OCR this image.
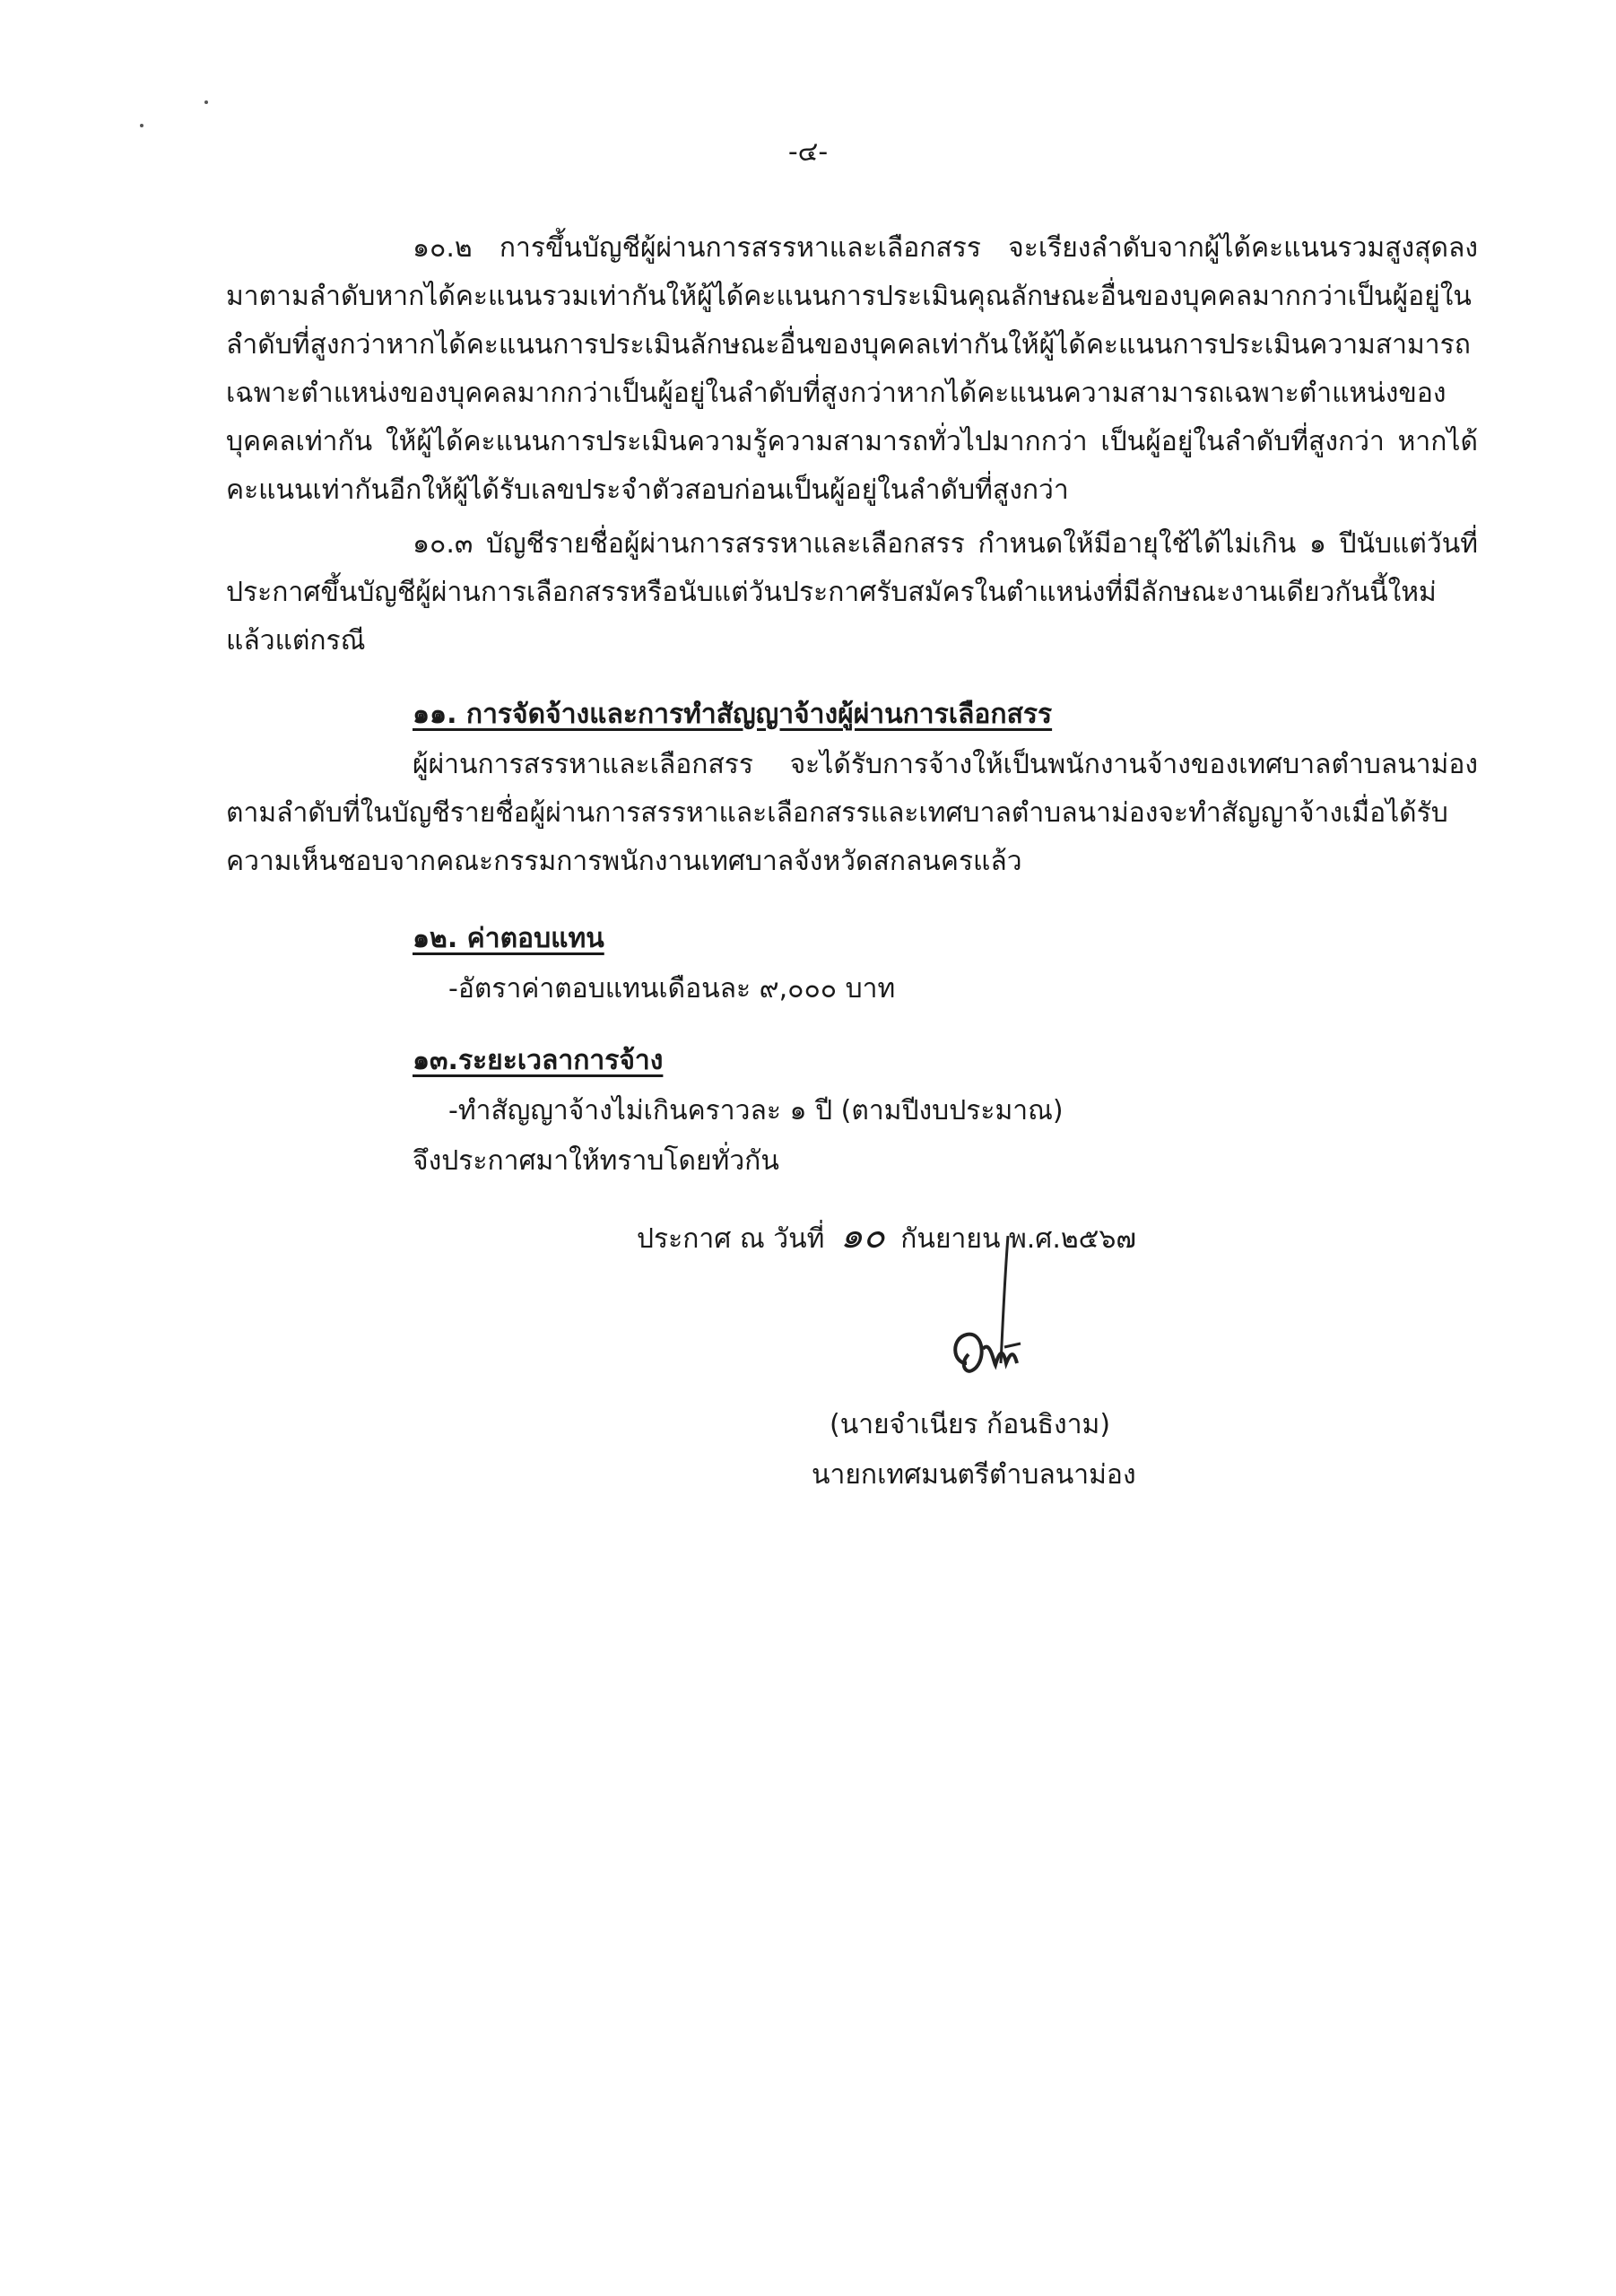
-๔-
๑๐.๒ การขึ้นบัญชีผู้ผ่านการสรรหาและเลือกสรร จะเรียงลำดับจากผู้ได้คะแนนรวมสูงสุดลง
มาตามลำดับหากได้คะแนนรวมเท่ากันให้ผู้ได้คะแนนการประเมินคุณลักษณะอื่นของบุคคลมากกว่าเป็นผู้อยู่ใน
ลำดับที่สูงกว่าหากได้คะแนนการประเมินลักษณะอื่นของบุคคลเท่ากันให้ผู้ได้คะแนนการประเมินความสามารถ
เฉพาะตำแหน่งของบุคคลมากกว่าเป็นผู้อยู่ในลำดับที่สูงกว่าหากได้คะแนนความสามารถเฉพาะตำแหน่งของ
บุคคลเท่ากัน ให้ผู้ได้คะแนนการประเมินความรู้ความสามารถทั่วไปมากกว่า เป็นผู้อยู่ในลำดับที่สูงกว่า หากได้
คะแนนเท่ากันอีกให้ผู้ได้รับเลขประจำตัวสอบก่อนเป็นผู้อยู่ในลำดับที่สูงกว่า
๑๐.๓ บัญชีรายชื่อผู้ผ่านการสรรหาและเลือกสรร กำหนดให้มีอายุใช้ได้ไม่เกิน ๑ ปีนับแต่วันที่
ประกาศขึ้นบัญชีผู้ผ่านการเลือกสรรหรือนับแต่วันประกาศรับสมัครในตำแหน่งที่มีลักษณะงานเดียวกันนี้ใหม่
แล้วแต่กรณี
๑๑. การจัดจ้างและการทำสัญญาจ้างผู้ผ่านการเลือกสรร
ผู้ผ่านการสรรหาและเลือกสรร จะได้รับการจ้างให้เป็นพนักงานจ้างของเทศบาลตำบลนาม่อง
ตามลำดับที่ในบัญชีรายชื่อผู้ผ่านการสรรหาและเลือกสรรและเทศบาลตำบลนาม่องจะทำสัญญาจ้างเมื่อได้รับ
ความเห็นชอบจากคณะกรรมการพนักงานเทศบาลจังหวัดสกลนครแล้ว
๑๒. ค่าตอบแทน
-อัตราค่าตอบแทนเดือนละ ๙,๐๐๐ บาท
๑๓.ระยะเวลาการจ้าง
-ทำสัญญาจ้างไม่เกินคราวละ ๑ ปี (ตามปีงบประมาณ)
จึงประกาศมาให้ทราบโดยทั่วกัน
ประกาศ ณ วันที่ ๑๐ กันยายน พ.ศ.๒๕๖๗
(นายจำเนียร ก้อนธิงาม)
นายกเทศมนตรีตำบลนาม่อง
